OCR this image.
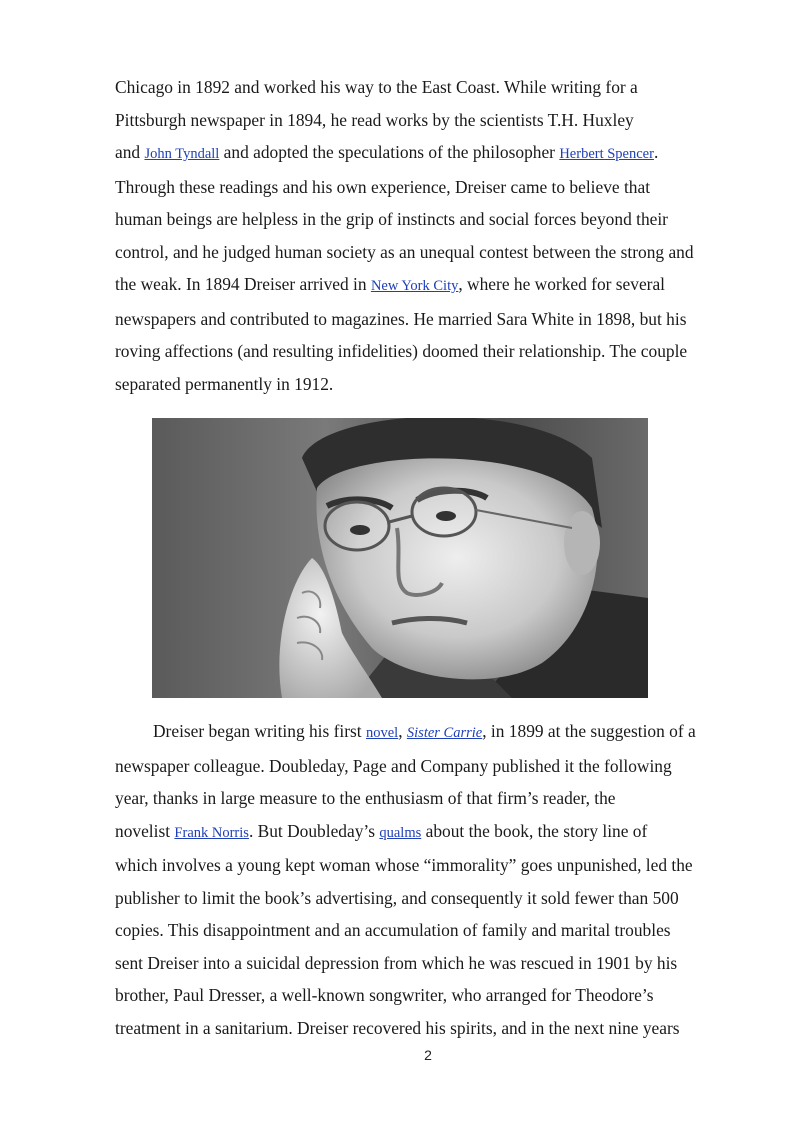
Chicago in 1892 and worked his way to the East Coast. While writing for a
Pittsburgh newspaper in 1894, he read works by the scientists T.H. Huxley
and John Tyndall and adopted the speculations of the philosopher Herbert Spencer.
Through these readings and his own experience, Dreiser came to believe that
human beings are helpless in the grip of instincts and social forces beyond their
control, and he judged human society as an unequal contest between the strong and
the weak. In 1894 Dreiser arrived in New York City, where he worked for several
newspapers and contributed to magazines. He married Sara White in 1898, but his
roving affections (and resulting infidelities) doomed their relationship. The couple
separated permanently in 1912.

Dreiser began writing his first novel, Sister Carrie, in 1899 at the suggestion of a
newspaper colleague. Doubleday, Page and Company published it the following
year, thanks in large measure to the enthusiasm of that firm’s reader, the
novelist Frank Norris. But Doubleday’s qualms about the book, the story line of
which involves a young kept woman whose “immorality” goes unpunished, led the
publisher to limit the book’s advertising, and consequently it sold fewer than 500
copies. This disappointment and an accumulation of family and marital troubles
sent Dreiser into a suicidal depression from which he was rescued in 1901 by his
brother, Paul Dresser, a well-known songwriter, who arranged for Theodore’s
treatment in a sanitarium. Dreiser recovered his spirits, and in the next nine years

2
